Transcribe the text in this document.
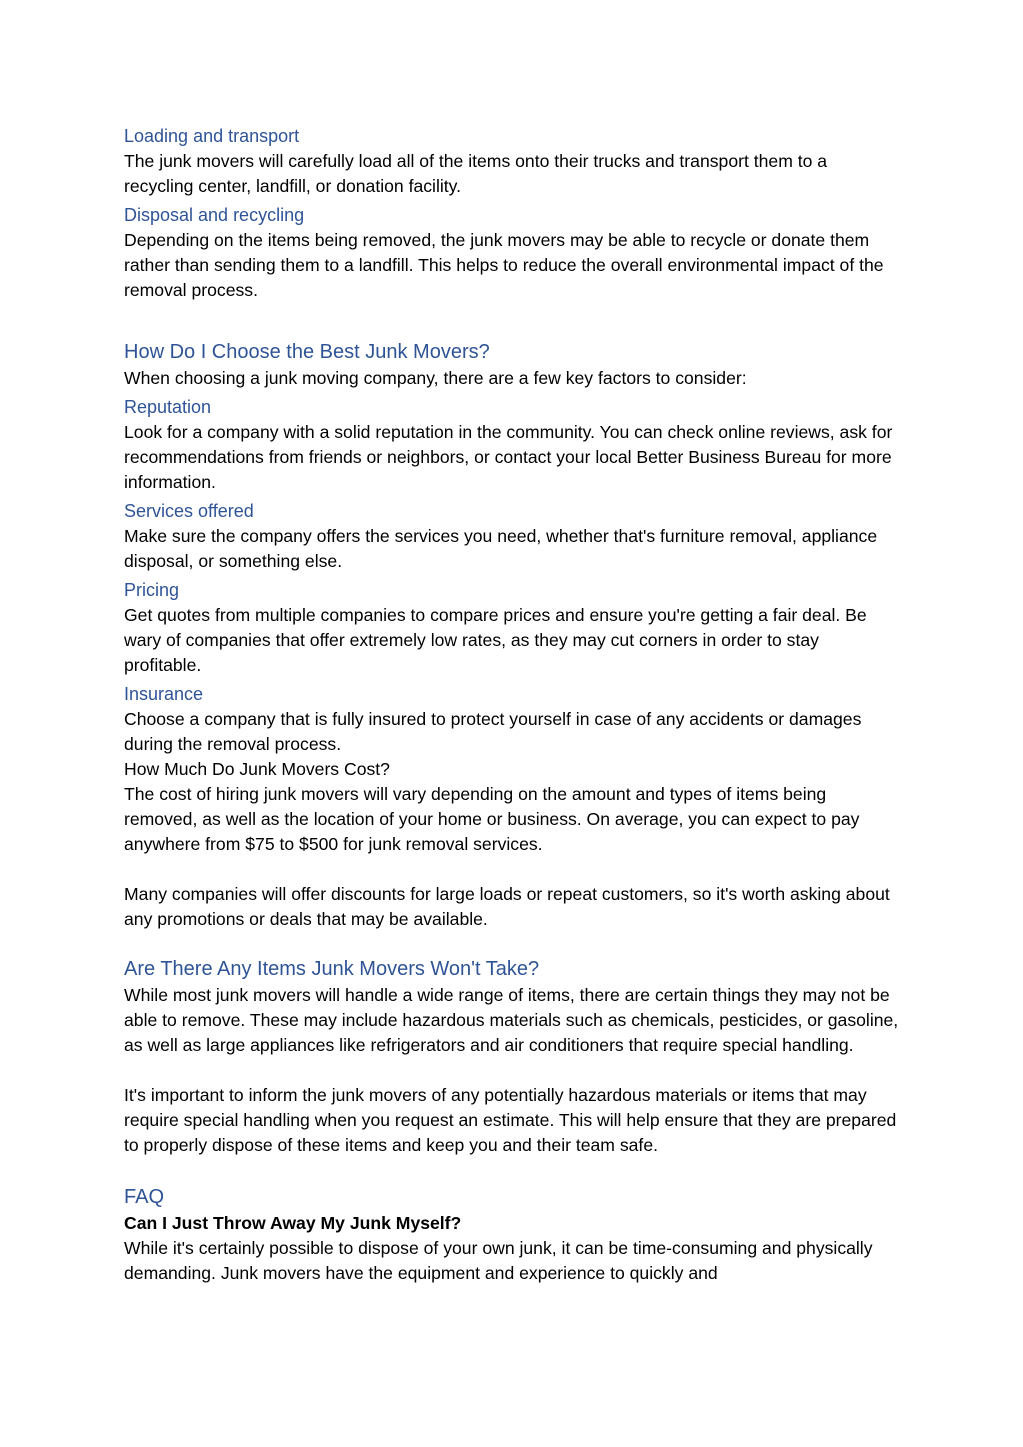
Loading and transport
The junk movers will carefully load all of the items onto their trucks and transport them to a recycling center, landfill, or donation facility.
Disposal and recycling
Depending on the items being removed, the junk movers may be able to recycle or donate them rather than sending them to a landfill. This helps to reduce the overall environmental impact of the removal process.
How Do I Choose the Best Junk Movers?
When choosing a junk moving company, there are a few key factors to consider:
Reputation
Look for a company with a solid reputation in the community. You can check online reviews, ask for recommendations from friends or neighbors, or contact your local Better Business Bureau for more information.
Services offered
Make sure the company offers the services you need, whether that's furniture removal, appliance disposal, or something else.
Pricing
Get quotes from multiple companies to compare prices and ensure you're getting a fair deal. Be wary of companies that offer extremely low rates, as they may cut corners in order to stay profitable.
Insurance
Choose a company that is fully insured to protect yourself in case of any accidents or damages during the removal process.
How Much Do Junk Movers Cost?
The cost of hiring junk movers will vary depending on the amount and types of items being removed, as well as the location of your home or business. On average, you can expect to pay anywhere from $75 to $500 for junk removal services.
Many companies will offer discounts for large loads or repeat customers, so it's worth asking about any promotions or deals that may be available.
Are There Any Items Junk Movers Won't Take?
While most junk movers will handle a wide range of items, there are certain things they may not be able to remove. These may include hazardous materials such as chemicals, pesticides, or gasoline, as well as large appliances like refrigerators and air conditioners that require special handling.
It's important to inform the junk movers of any potentially hazardous materials or items that may require special handling when you request an estimate. This will help ensure that they are prepared to properly dispose of these items and keep you and their team safe.
FAQ
Can I Just Throw Away My Junk Myself?
While it's certainly possible to dispose of your own junk, it can be time-consuming and physically demanding. Junk movers have the equipment and experience to quickly and
